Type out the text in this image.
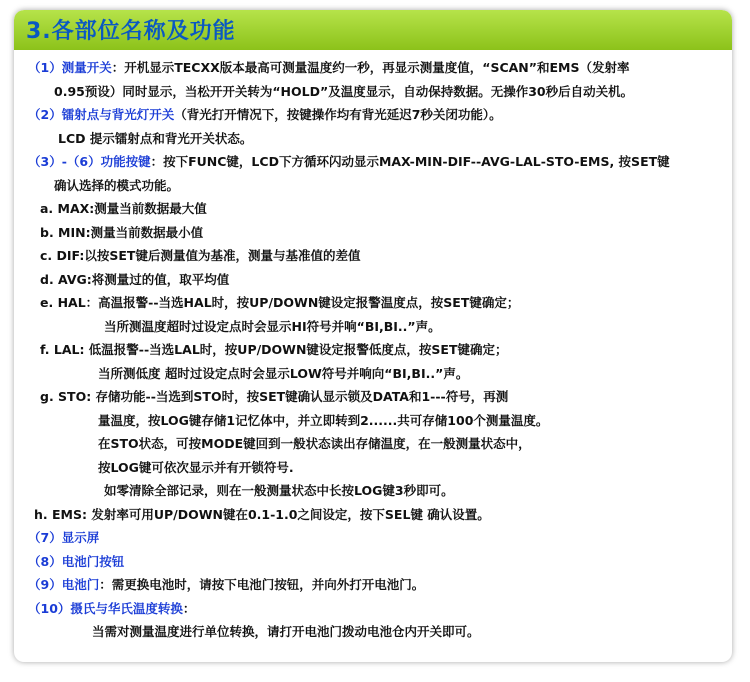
3.各部位名称及功能
（1）测量开关：开机显示TECXX版本最高可测量温度约一秒，再显示测量度值，“SCAN”和EMS（发射率
0.95预设）同时显示，当松开开关转为“HOLD”及温度显示，自动保持数据。无操作30秒后自动关机。
（2）镭射点与背光灯开关（背光打开情况下，按键操作均有背光延迟7秒关闭功能）。
LCD 提示镭射点和背光开关状态。
（3）-（6）功能按键：按下FUNC键，LCD下方循环闪动显示MAX-MIN-DIF--AVG-LAL-STO-EMS, 按SET键
确认选择的模式功能。
a. MAX:测量当前数据最大值
b. MIN:测量当前数据最小值
c. DIF:以按SET键后测量值为基准，测量与基准值的差值
d. AVG:将测量过的值，取平均值
e. HAL：高温报警--当选HAL时，按UP/DOWN键设定报警温度点，按SET键确定；
当所测温度超时过设定点时会显示HI符号并响“BI,BI..”声。
f. LAL: 低温报警--当选LAL时，按UP/DOWN键设定报警低度点，按SET键确定；
当所测低度 超时过设定点时会显示LOW符号并响向“BI,BI..”声。
g. STO: 存储功能--当选到STO时，按SET键确认显示锁及DATA和1---符号，再测
量温度，按LOG键存储1记忆体中，并立即转到2......共可存储100个测量温度。
在STO状态，可按MODE键回到一般状态读出存储温度，在一般测量状态中，
按LOG键可依次显示并有开锁符号.
如零清除全部记录，则在一般测量状态中长按LOG键3秒即可。
h. EMS: 发射率可用UP/DOWN键在0.1-1.0之间设定，按下SEL键 确认设置。
（7）显示屏
（8）电池门按钮
（9）电池门：需更换电池时，请按下电池门按钮，并向外打开电池门。
（10）摄氏与华氏温度转换：
当需对测量温度进行单位转换，请打开电池门拨动电池仓内开关即可。
